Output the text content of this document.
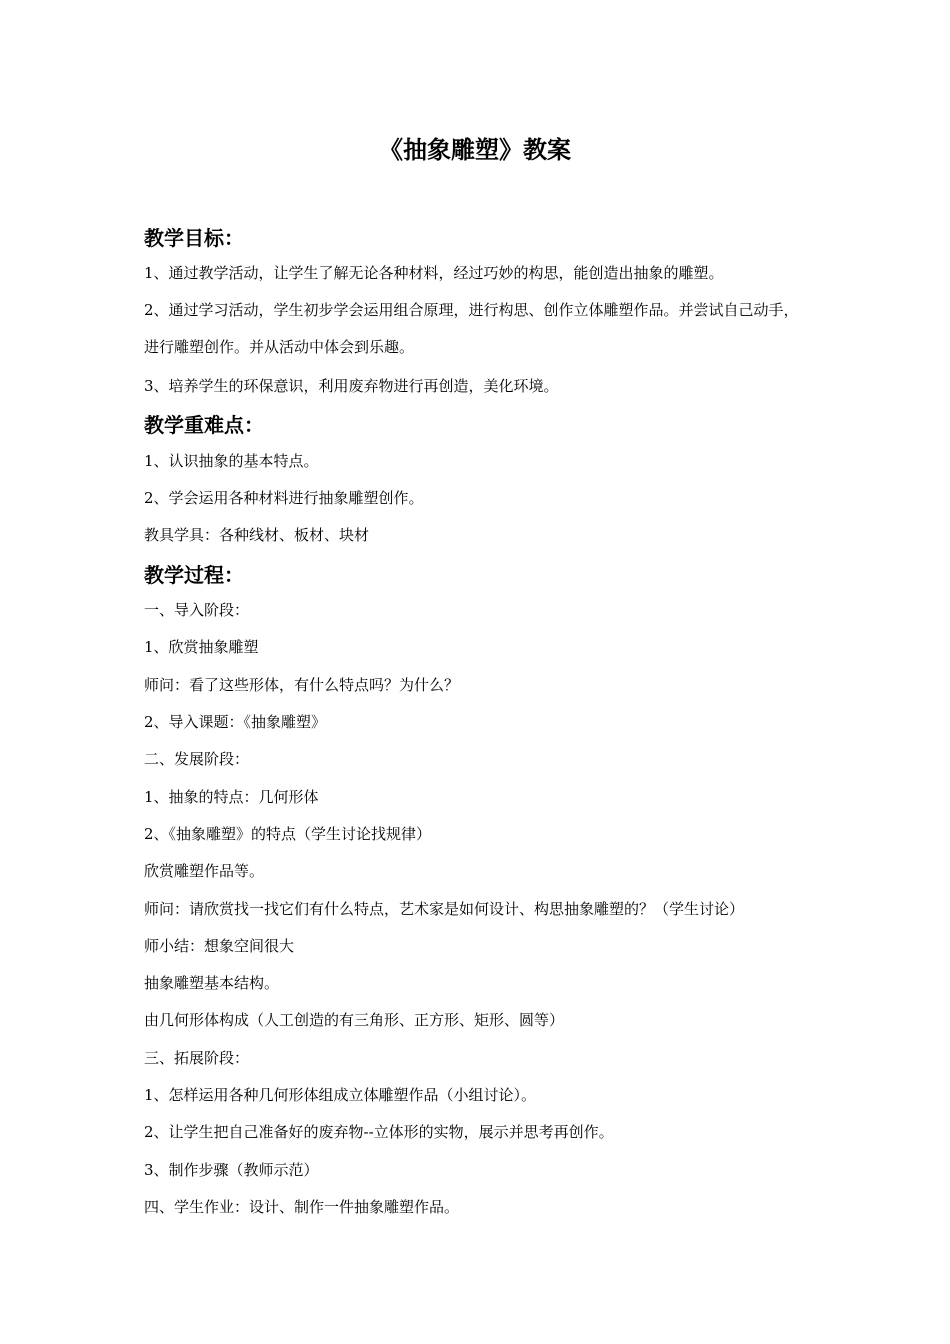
《抽象雕塑》教案
教学目标：

1、通过教学活动，让学生了解无论各种材料，经过巧妙的构思，能创造出抽象的雕塑。

2、通过学习活动，学生初步学会运用组合原理，进行构思、创作立体雕塑作品。并尝试自己动手，进行雕塑创作。并从活动中体会到乐趣。

3、培养学生的环保意识，利用废弃物进行再创造，美化环境。

教学重难点：

1、认识抽象的基本特点。

2、学会运用各种材料进行抽象雕塑创作。

教具学具：各种线材、板材、块材

教学过程：

一、导入阶段：

1、欣赏抽象雕塑

师问：看了这些形体，有什么特点吗？为什么？

2、导入课题：《抽象雕塑》

二、发展阶段：

1、抽象的特点：几何形体

2、《抽象雕塑》的特点（学生讨论找规律）

欣赏雕塑作品等。

师问：请欣赏找一找它们有什么特点，艺术家是如何设计、构思抽象雕塑的？（学生讨论）

师小结：想象空间很大

抽象雕塑基本结构。

由几何形体构成（人工创造的有三角形、正方形、矩形、圆等）

三、拓展阶段：

1、怎样运用各种几何形体组成立体雕塑作品（小组讨论）。

2、让学生把自己准备好的废弃物--立体形的实物，展示并思考再创作。

3、制作步骤（教师示范）

四、学生作业：设计、制作一件抽象雕塑作品。
